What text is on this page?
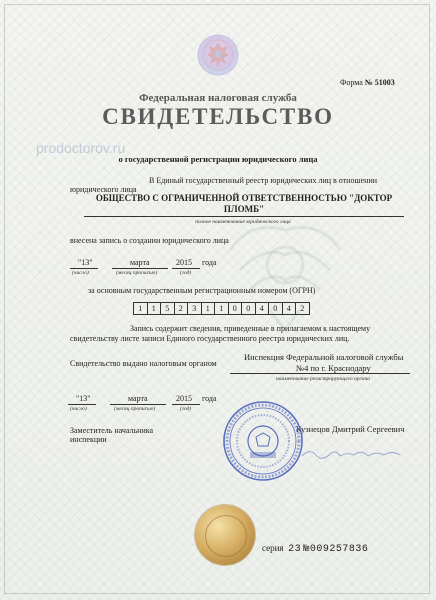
Форма № 51003
Федеральная налоговая служба
СВИДЕТЕЛЬСТВО
prodoctorov.ru
о государственной регистрации юридического лица
В Единый государственный реестр юридических лиц в отношении
юридического лица
ОБЩЕСТВО С ОГРАНИЧЕННОЙ ОТВЕТСТВЕННОСТЬЮ "ДОКТОР ПЛОМБ"
полное наименование юридического лица
внесена запись о создании юридического лица
"13"	марта	2015 года
(число)	(месяц прописью)	(год)
за основным государственным регистрационным номером (ОГРН)
1	1	5	2	3	1	1	0	0	4	0	4	2
Запись содержит сведения, приведенные в прилагаемом к настоящему
свидетельству листе записи Единого государственного реестра юридических лиц.
Свидетельство выдано налоговым органом
Инспекция Федеральной налоговой службы
№4 по г. Краснодару
наименование регистрирующего органа
"13"	марта	2015 года
(число)	(месяц прописью)	(год)
Заместитель начальника
инспекции
Кузнецов Дмитрий Сергеевич
серия 23 №009257836
